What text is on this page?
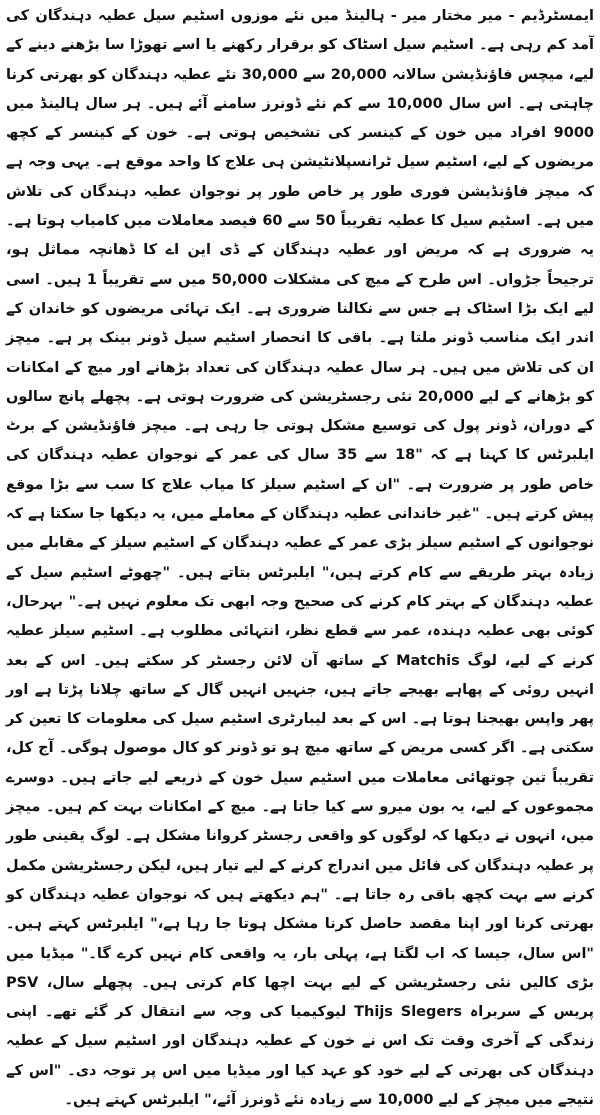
ایمسٹرڈیم - میر مختار میر - ہالینڈ میں نئے موزوں اسٹیم سیل عطیہ دہندگان کی آمد کم رہی ہے۔ اسٹیم سیل اسٹاک کو برقرار رکھنے یا اسے تھوڑا سا بڑھنے دینے کے لیے، میچس فاؤنڈیشن سالانہ 20,000 سے 30,000 نئے عطیہ دہندگان کو بھرتی کرنا چاہتی ہے۔ اس سال 10,000 سے کم نئے ڈونرز سامنے آئے ہیں۔ ہر سال ہالینڈ میں 9000 افراد میں خون کے کینسر کی تشخیص ہوتی ہے۔ خون کے کینسر کے کچھ مریضوں کے لیے، اسٹیم سیل ٹرانسپلانٹیشن ہی علاج کا واحد موقع ہے۔ یہی وجہ ہے کہ میچز فاؤنڈیشن فوری طور پر خاص طور پر نوجوان عطیہ دہندگان کی تلاش میں ہے۔ اسٹیم سیل کا عطیہ تقریباً 50 سے 60 فیصد معاملات میں کامیاب ہوتا ہے۔ یہ ضروری ہے کہ مریض اور عطیہ دہندگان کے ڈی این اے کا ڈھانچہ مماثل ہو، ترجیحاً جڑواں۔ اس طرح کے میچ کی مشکلات 50,000 میں سے تقریباً 1 ہیں۔ اسی لیے ایک بڑا اسٹاک ہے جس سے نکالنا ضروری ہے۔ ایک تہائی مریضوں کو خاندان کے اندر ایک مناسب ڈونر ملتا ہے۔ باقی کا انحصار اسٹیم سیل ڈونر بینک پر ہے۔ میچز ان کی تلاش میں ہیں۔ ہر سال عطیہ دہندگان کی تعداد بڑھانے اور میچ کے امکانات کو بڑھانے کے لیے 20,000 نئی رجسٹریشن کی ضرورت ہوتی ہے۔ پچھلے پانچ سالوں کے دوران، ڈونر پول کی توسیع مشکل ہوتی جا رہی ہے۔ میچز فاؤنڈیشن کے برٹ ایلبرٹس کا کہنا ہے کہ "18 سے 35 سال کی عمر کے نوجوان عطیہ دہندگان کی خاص طور پر ضرورت ہے۔ "ان کے اسٹیم سیلز کا میاب علاج کا سب سے بڑا موقع پیش کرتے ہیں۔ "غیر خاندانی عطیہ دہندگان کے معاملے میں، یہ دیکھا جا سکتا ہے کہ نوجوانوں کے اسٹیم سیلز بڑی عمر کے عطیہ دہندگان کے اسٹیم سیلز کے مقابلے میں زیادہ بہتر طریقے سے کام کرتے ہیں،" ایلبرٹس بتاتے ہیں۔ "چھوٹے اسٹیم سیل کے عطیہ دہندگان کے بہتر کام کرنے کی صحیح وجہ ابھی تک معلوم نہیں ہے۔" بہرحال، کوئی بھی عطیہ دہندہ، عمر سے قطع نظر، انتہائی مطلوب ہے۔ اسٹیم سیلز عطیہ کرنے کے لیے، لوگ Matchis کے ساتھ آن لائن رجسٹر کر سکتے ہیں۔ اس کے بعد انہیں روئی کے پھاہے بھیجے جاتے ہیں، جنہیں انہیں گال کے ساتھ چلانا پڑتا ہے اور پھر واپس بھیجنا ہوتا ہے۔ اس کے بعد لیبارٹری اسٹیم سیل کی معلومات کا تعین کر سکتی ہے۔ اگر کسی مریض کے ساتھ میچ ہو تو ڈونر کو کال موصول ہوگی۔ آج کل، تقریباً تین چوتھائی معاملات میں اسٹیم سیل خون کے ذریعے لیے جاتے ہیں۔ دوسرے مجموعوں کے لیے، یہ بون میرو سے کیا جاتا ہے۔ میچ کے امکانات بہت کم ہیں۔ میچز میں، انہوں نے دیکھا کہ لوگوں کو واقعی رجسٹر کروانا مشکل ہے۔ لوگ یقینی طور پر عطیہ دہندگان کی فائل میں اندراج کرنے کے لیے تیار ہیں، لیکن رجسٹریشن مکمل کرنے سے بہت کچھ باقی رہ جاتا ہے۔ "ہم دیکھتے ہیں کہ نوجوان عطیہ دہندگان کو بھرتی کرنا اور اپنا مقصد حاصل کرنا مشکل ہوتا جا رہا ہے،" ایلبرٹس کہتے ہیں۔ "اس سال، جیسا کہ اب لگتا ہے، پہلی بار، یہ واقعی کام نہیں کرے گا۔" میڈیا میں بڑی کالیں نئی رجسٹریشن کے لیے بہت اچھا کام کرتی ہیں۔ پچھلے سال، PSV پریس کے سربراہ Thijs Slegers لیوکیمیا کی وجہ سے انتقال کر گئے تھے۔ اپنی زندگی کے آخری وقت تک اس نے خون کے عطیہ دہندگان اور اسٹیم سیل کے عطیہ دہندگان کی بھرتی کے لیے خود کو عہد کیا اور میڈیا میں اس پر توجہ دی۔ "اس کے نتیجے میں میچز کے لیے 10,000 سے زیادہ نئے ڈونرز آئے،" ایلبرٹس کہتے ہیں۔
